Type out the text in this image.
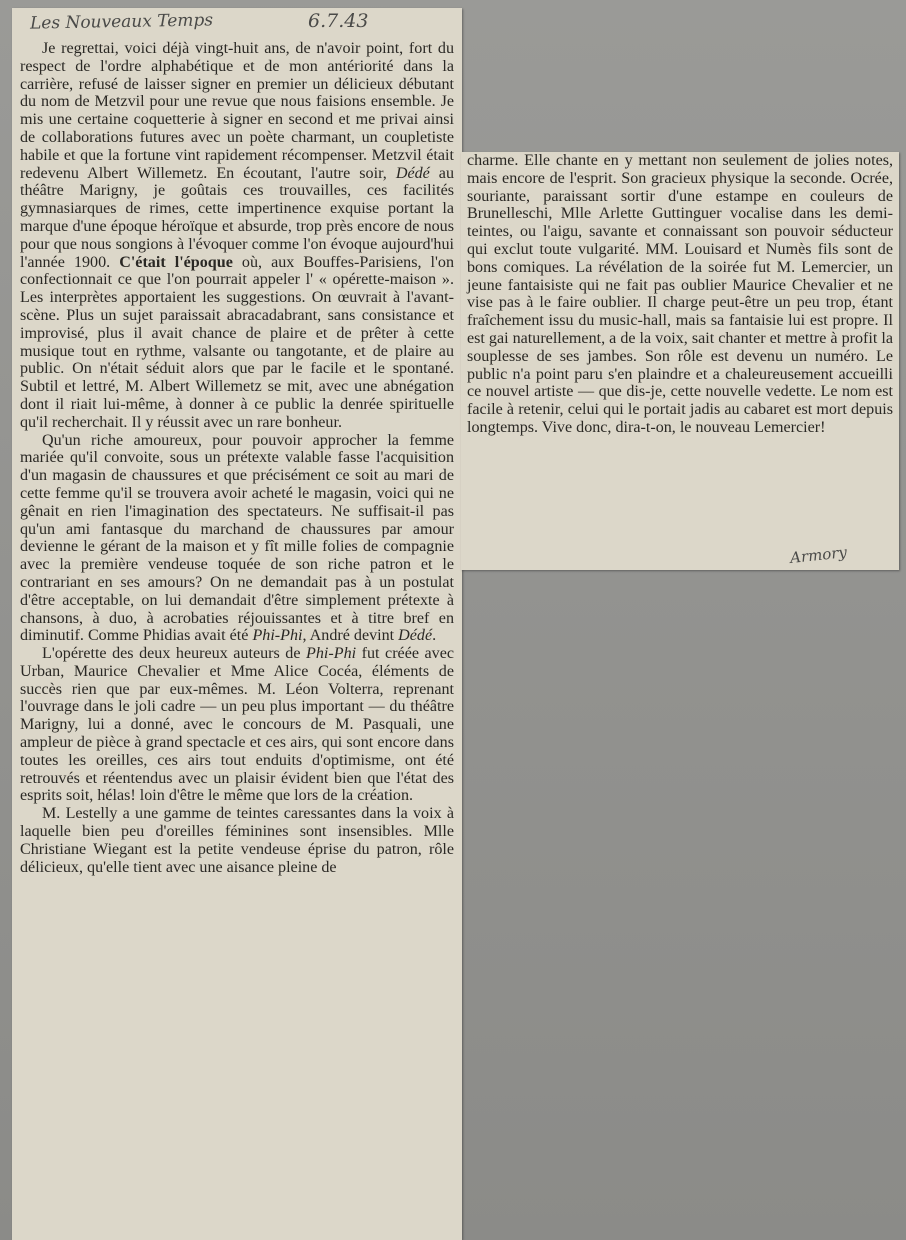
Les Nouveaux Temps	6.7.43

Je regrettai, voici déjà vingt-huit ans, de n'avoir point, fort du respect de l'ordre alphabétique et de mon antériorité dans la carrière, refusé de laisser signer en premier un délicieux débutant du nom de Metzvil pour une revue que nous faisions ensemble. Je mis une certaine coquetterie à signer en second et me privai ainsi de collaborations futures avec un poète charmant, un coupletiste habile et que la fortune vint rapidement récompenser. Metzvil était redevenu Albert Willemetz. En écoutant, l'autre soir, Dédé au théâtre Marigny, je goûtais ces trouvailles, ces facilités gymnasiarques de rimes, cette impertinence exquise portant la marque d'une époque héroïque et absurde, trop près encore de nous pour que nous songions à l'évoquer comme l'on évoque aujourd'hui l'année 1900. C'était l'époque où, aux Bouffes-Parisiens, l'on confectionnait ce que l'on pourrait appeler l' « opérette-maison ». Les interprètes apportaient les suggestions. On œuvrait à l'avant-scène. Plus un sujet paraissait abracadabrant, sans consistance et improvisé, plus il avait chance de plaire et de prêter à cette musique tout en rythme, valsante ou tangotante, et de plaire au public. On n'était séduit alors que par le facile et le spontané. Subtil et lettré, M. Albert Willemetz se mit, avec une abnégation dont il riait lui-même, à donner à ce public la denrée spirituelle qu'il recherchait. Il y réussit avec un rare bonheur.

Qu'un riche amoureux, pour pouvoir approcher la femme mariée qu'il convoite, sous un prétexte valable fasse l'acquisition d'un magasin de chaussures et que précisément ce soit au mari de cette femme qu'il se trouvera avoir acheté le magasin, voici qui ne gênait en rien l'imagination des spectateurs. Ne suffisait-il pas qu'un ami fantasque du marchand de chaussures par amour devienne le gérant de la maison et y fît mille folies de compagnie avec la première vendeuse toquée de son riche patron et le contrariant en ses amours? On ne demandait pas à un postulat d'être acceptable, on lui demandait d'être simplement prétexte à chansons, à duo, à acrobaties réjouissantes et à titre bref en diminutif. Comme Phidias avait été Phi-Phi, André devint Dédé.

L'opérette des deux heureux auteurs de Phi-Phi fut créée avec Urban, Maurice Chevalier et Mme Alice Cocéa, éléments de succès rien que par eux-mêmes. M. Léon Volterra, reprenant l'ouvrage dans le joli cadre — un peu plus important — du théâtre Marigny, lui a donné, avec le concours de M. Pasquali, une ampleur de pièce à grand spectacle et ces airs, qui sont encore dans toutes les oreilles, ces airs tout enduits d'optimisme, ont été retrouvés et réentendus avec un plaisir évident bien que l'état des esprits soit, hélas! loin d'être le même que lors de la création.

M. Lestelly a une gamme de teintes caressantes dans la voix à laquelle bien peu d'oreilles féminines sont insensibles. Mlle Christiane Wiegant est la petite vendeuse éprise du patron, rôle délicieux, qu'elle tient avec une aisance pleine de

charme. Elle chante en y mettant non seulement de jolies notes, mais encore de l'esprit. Son gracieux physique la seconde. Ocrée, souriante, paraissant sortir d'une estampe en couleurs de Brunelleschi, Mlle Arlette Guttinguer vocalise dans les demi-teintes, ou l'aigu, savante et connaissant son pouvoir séducteur qui exclut toute vulgarité. MM. Louisard et Numès fils sont de bons comiques. La révélation de la soirée fut M. Lemercier, un jeune fantaisiste qui ne fait pas oublier Maurice Chevalier et ne vise pas à le faire oublier. Il charge peut-être un peu trop, étant fraîchement issu du music-hall, mais sa fantaisie lui est propre. Il est gai naturellement, a de la voix, sait chanter et mettre à profit la souplesse de ses jambes. Son rôle est devenu un numéro. Le public n'a point paru s'en plaindre et a chaleureusement accueilli ce nouvel artiste — que dis-je, cette nouvelle vedette. Le nom est facile à retenir, celui qui le portait jadis au cabaret est mort depuis longtemps. Vive donc, dira-t-on, le nouveau Lemercier!

Armory
